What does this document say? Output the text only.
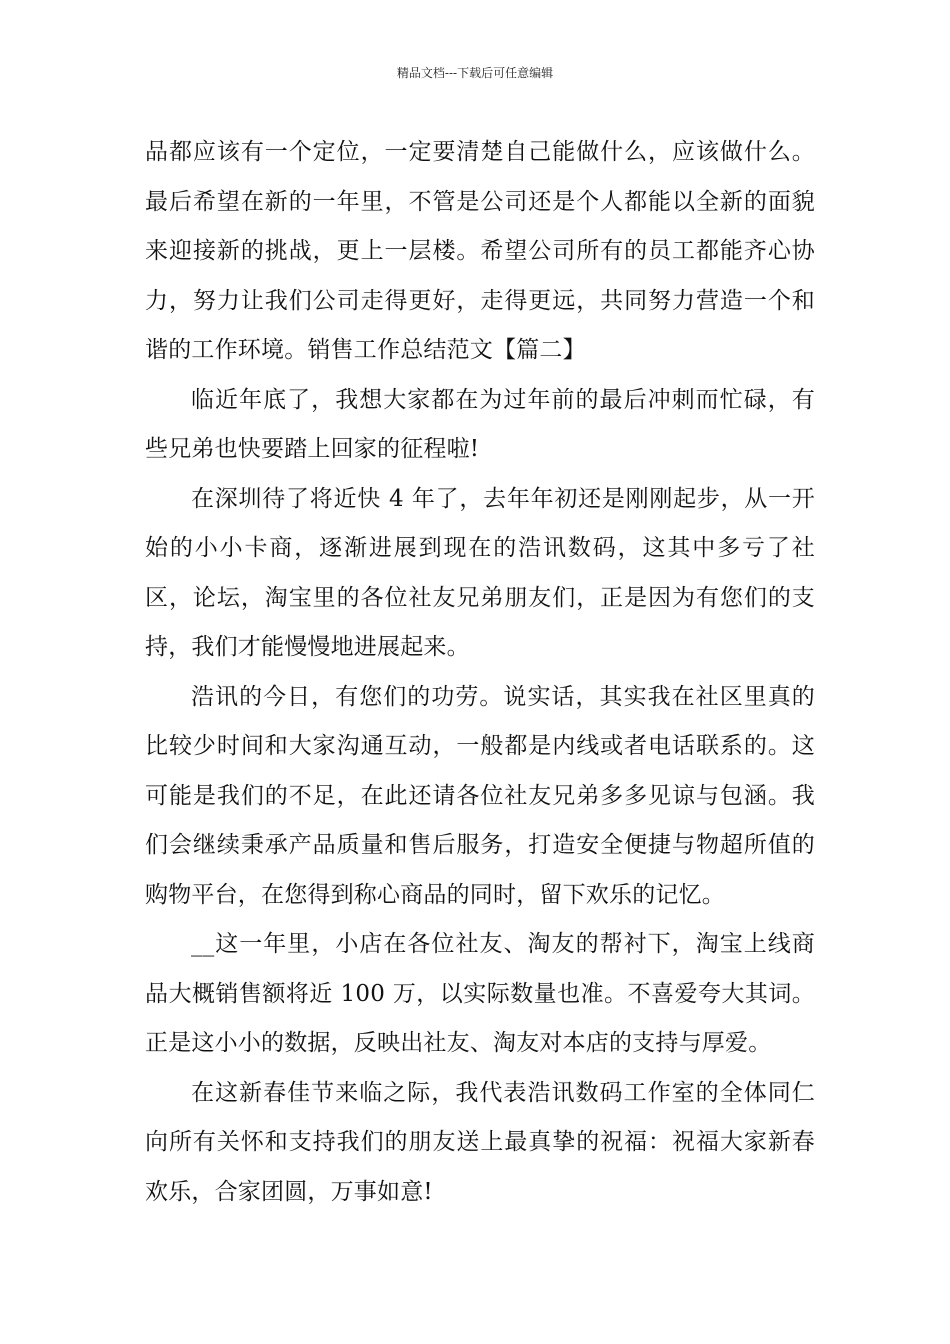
精品文档---下载后可任意编辑

品都应该有一个定位，一定要清楚自己能做什么，应该做什么。最后希望在新的一年里，不管是公司还是个人都能以全新的面貌来迎接新的挑战，更上一层楼。希望公司所有的员工都能齐心协力，努力让我们公司走得更好，走得更远，共同努力营造一个和谐的工作环境。销售工作总结范文【篇二】

临近年底了，我想大家都在为过年前的最后冲刺而忙碌，有些兄弟也快要踏上回家的征程啦!

在深圳待了将近快 4 年了，去年年初还是刚刚起步，从一开始的小小卡商，逐渐进展到现在的浩讯数码，这其中多亏了社区，论坛，淘宝里的各位社友兄弟朋友们，正是因为有您们的支持，我们才能慢慢地进展起来。

浩讯的今日，有您们的功劳。说实话，其实我在社区里真的比较少时间和大家沟通互动，一般都是内线或者电话联系的。这可能是我们的不足，在此还请各位社友兄弟多多见谅与包涵。我们会继续秉承产品质量和售后服务，打造安全便捷与物超所值的购物平台，在您得到称心商品的同时，留下欢乐的记忆。

__这一年里，小店在各位社友、淘友的帮衬下，淘宝上线商品大概销售额将近 100 万，以实际数量也准。不喜爱夸大其词。正是这小小的数据，反映出社友、淘友对本店的支持与厚爱。

在这新春佳节来临之际，我代表浩讯数码工作室的全体同仁向所有关怀和支持我们的朋友送上最真挚的祝福：祝福大家新春欢乐，合家团圆，万事如意!
